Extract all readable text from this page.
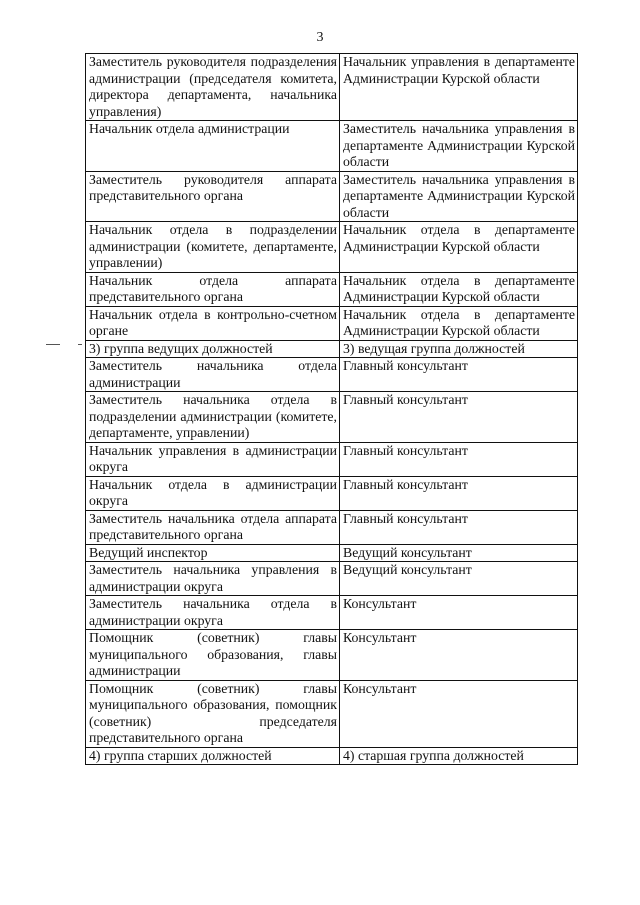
3
Заместитель руководителя подразделения администрации (председателя комитета, директора департамента, начальника управления)	Начальник управления в департаменте Администрации Курской области
Начальник отдела администрации	Заместитель начальника управления в департаменте Администрации Курской области
Заместитель руководителя аппарата представительного органа	Заместитель начальника управления в департаменте Администрации Курской области
Начальник отдела в подразделении администрации (комитете, департаменте, управлении)	Начальник отдела в департаменте Администрации Курской области
Начальник отдела аппарата представительного органа	Начальник отдела в департаменте Администрации Курской области
Начальник отдела в контрольно-счетном органе	Начальник отдела в департаменте Администрации Курской области
3) группа ведущих должностей	3) ведущая группа должностей
Заместитель начальника отдела администрации	Главный консультант
Заместитель начальника отдела в подразделении администрации (комитете, департаменте, управлении)	Главный консультант
Начальник управления в администрации округа	Главный консультант
Начальник отдела в администрации округа	Главный консультант
Заместитель начальника отдела аппарата представительного органа	Главный консультант
Ведущий инспектор	Ведущий консультант
Заместитель начальника управления в администрации округа	Ведущий консультант
Заместитель начальника отдела в администрации округа	Консультант
Помощник (советник) главы муниципального образования, главы администрации	Консультант
Помощник (советник) главы муниципального образования, помощник (советник) председателя представительного органа	Консультант
4) группа старших должностей	4) старшая группа должностей
